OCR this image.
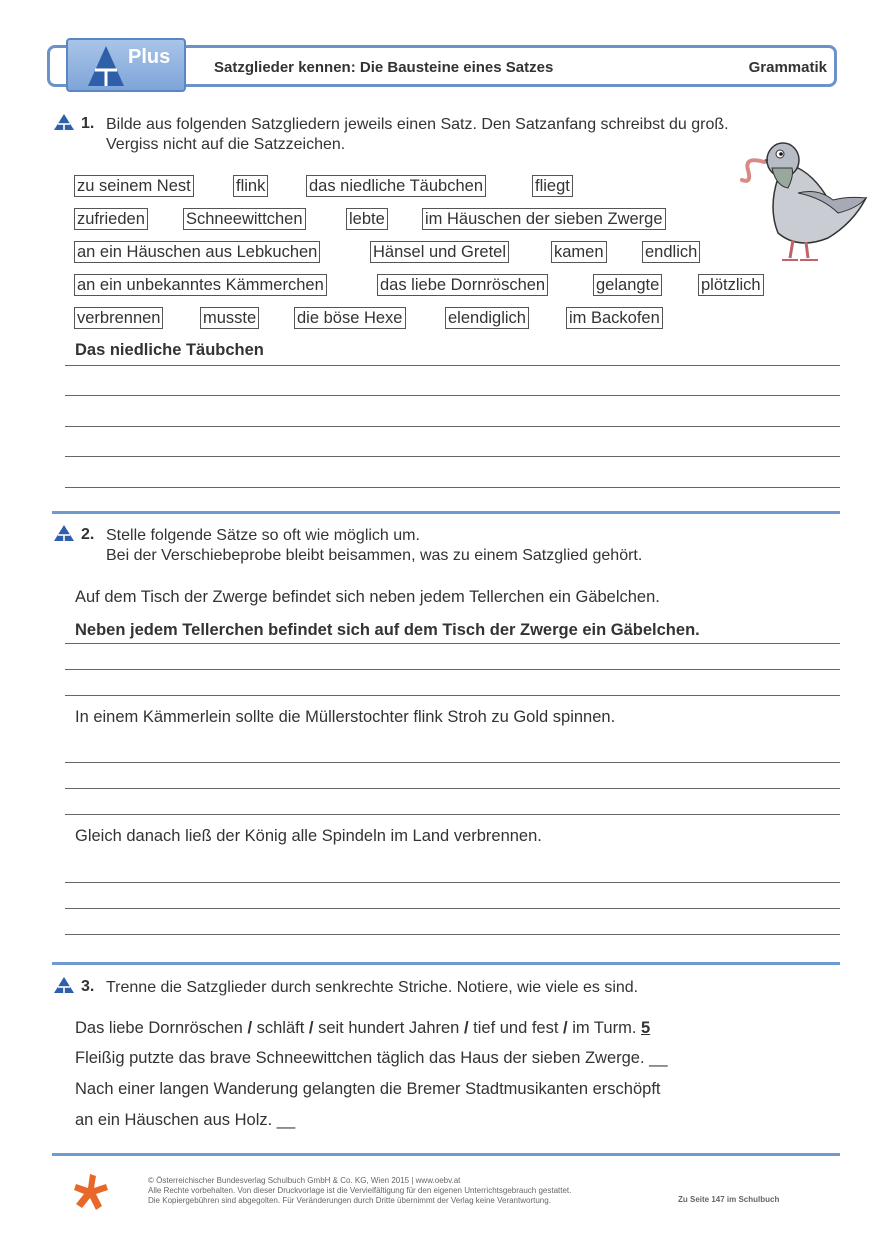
Plus	Satzglieder kennen: Die Bausteine eines Satzes	Grammatik
1. Bilde aus folgenden Satzgliedern jeweils einen Satz. Den Satzanfang schreibst du groß.
Vergiss nicht auf die Satzzeichen.
zu seinem Nest	flink	das niedliche Täubchen	fliegt
zufrieden Schneewittchen	lebte im Häuschen der sieben Zwerge
an ein Häuschen aus Lebkuchen	Hänsel und Gretel	kamen	endlich
an ein unbekanntes Kämmerchen	das liebe Dornröschen	gelangte	plötzlich
verbrennen	musste die böse Hexe	elendiglich	im Backofen
Das niedliche Täubchen
2. Stelle folgende Sätze so oft wie möglich um.
Bei der Verschiebeprobe bleibt beisammen, was zu einem Satzglied gehört.
Auf dem Tisch der Zwerge befindet sich neben jedem Tellerchen ein Gäbelchen.
Neben jedem Tellerchen befindet sich auf dem Tisch der Zwerge ein Gäbelchen.
In einem Kämmerlein sollte die Müllerstochter flink Stroh zu Gold spinnen.
Gleich danach ließ der König alle Spindeln im Land verbrennen.
3. Trenne die Satzglieder durch senkrechte Striche. Notiere, wie viele es sind.
Das liebe Dornröschen / schläft / seit hundert Jahren / tief und fest / im Turm. 5
Fleißig putzte das brave Schneewittchen täglich das Haus der sieben Zwerge. __
Nach einer langen Wanderung gelangten die Bremer Stadtmusikanten erschöpft
an ein Häuschen aus Holz. __
© Österreichischer Bundesverlag Schulbuch GmbH & Co. KG, Wien 2015 | www.oebv.at
Alle Rechte vorbehalten. Von dieser Druckvorlage ist die Vervielfältigung für den eigenen Unterrichtsgebrauch gestattet.
Die Kopiergebühren sind abgegolten. Für Veränderungen durch Dritte übernimmt der Verlag keine Verantwortung.	Zu Seite 147 im Schulbuch
